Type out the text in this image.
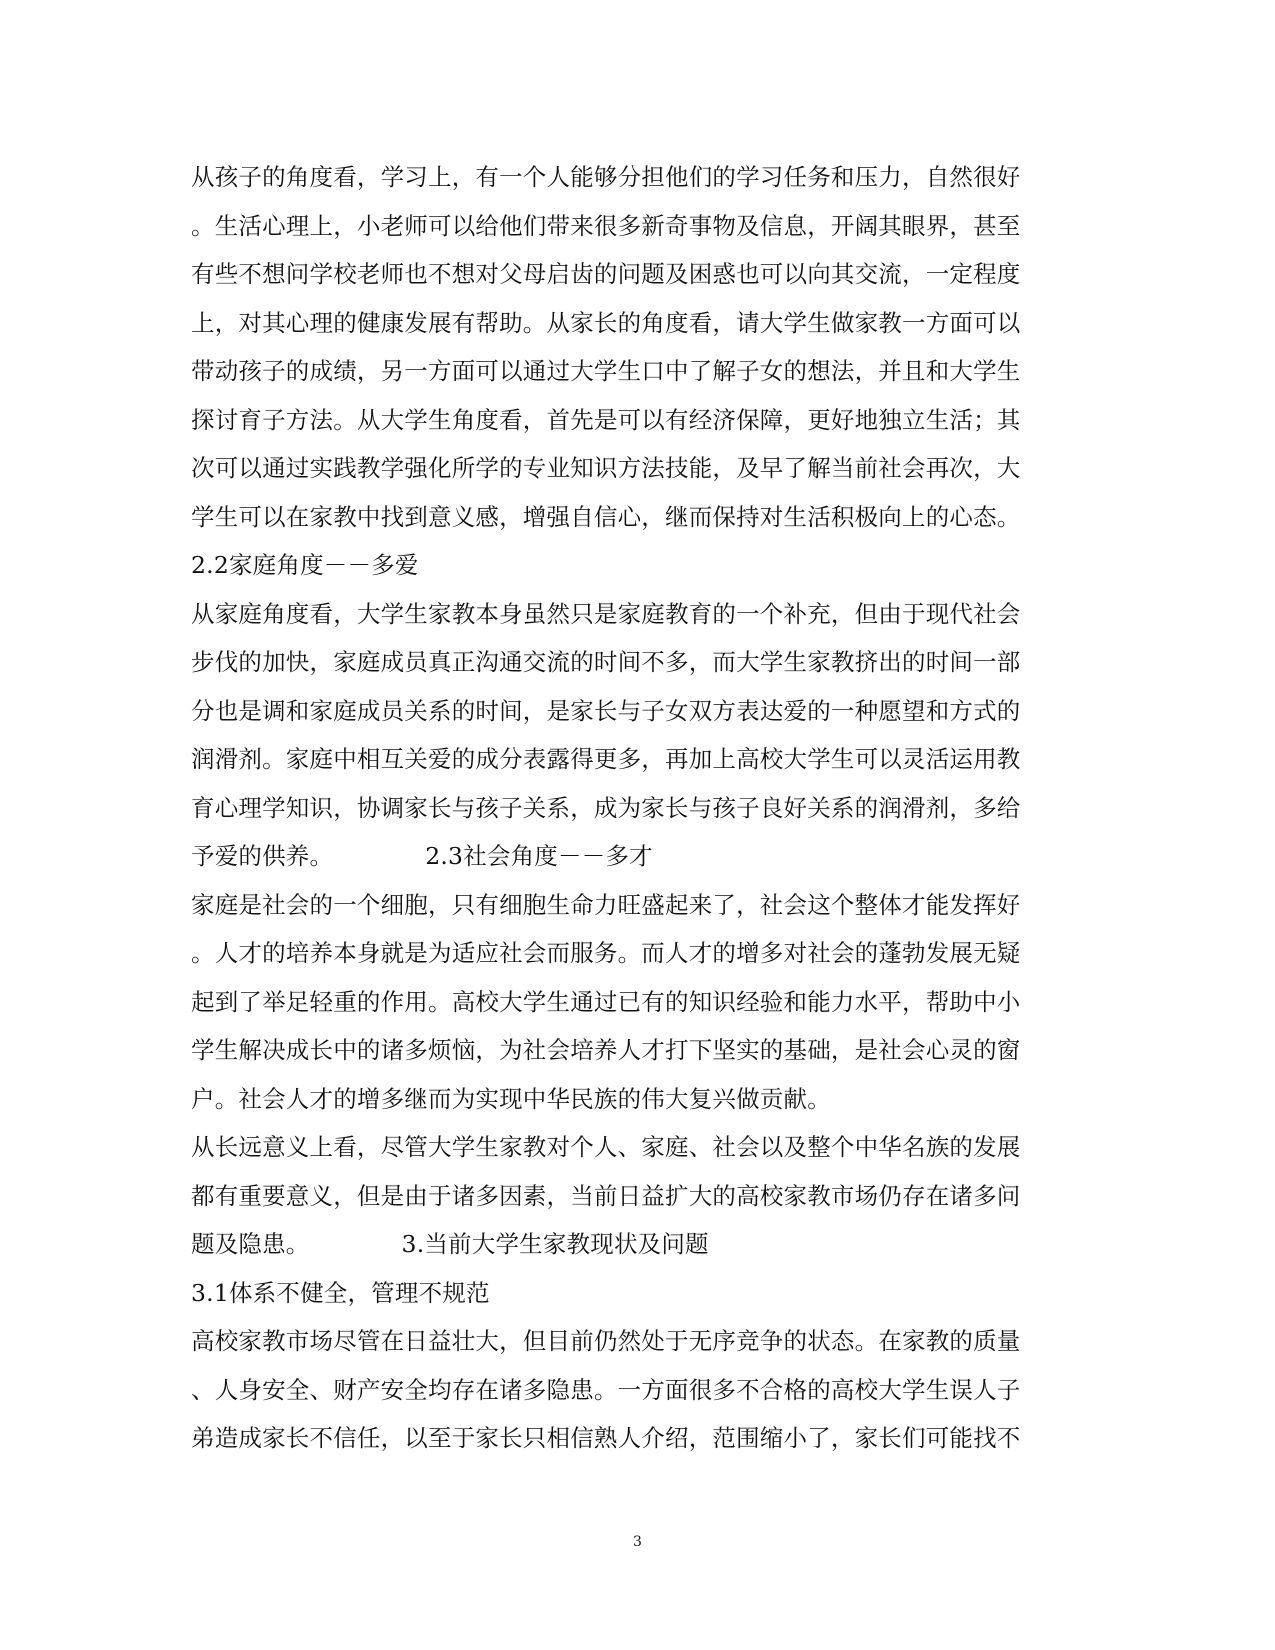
从孩子的角度看，学习上，有一个人能够分担他们的学习任务和压力，自然很好
。生活心理上，小老师可以给他们带来很多新奇事物及信息，开阔其眼界，甚至
有些不想问学校老师也不想对父母启齿的问题及困惑也可以向其交流，一定程度
上，对其心理的健康发展有帮助。从家长的角度看，请大学生做家教一方面可以
带动孩子的成绩，另一方面可以通过大学生口中了解子女的想法，并且和大学生
探讨育子方法。从大学生角度看，首先是可以有经济保障，更好地独立生活；其
次可以通过实践教学强化所学的专业知识方法技能，及早了解当前社会再次，大
学生可以在家教中找到意义感，增强自信心，继而保持对生活积极向上的心态。
2.2家庭角度－－多爱
从家庭角度看，大学生家教本身虽然只是家庭教育的一个补充，但由于现代社会
步伐的加快，家庭成员真正沟通交流的时间不多，而大学生家教挤出的时间一部
分也是调和家庭成员关系的时间，是家长与子女双方表达爱的一种愿望和方式的
润滑剂。家庭中相互关爱的成分表露得更多，再加上高校大学生可以灵活运用教
育心理学知识，协调家长与孩子关系，成为家长与孩子良好关系的润滑剂，多给
予爱的供养。            2.3社会角度－－多才
家庭是社会的一个细胞，只有细胞生命力旺盛起来了，社会这个整体才能发挥好
。人才的培养本身就是为适应社会而服务。而人才的增多对社会的蓬勃发展无疑
起到了举足轻重的作用。高校大学生通过已有的知识经验和能力水平，帮助中小
学生解决成长中的诸多烦恼，为社会培养人才打下坚实的基础，是社会心灵的窗
户。社会人才的增多继而为实现中华民族的伟大复兴做贡献。
从长远意义上看，尽管大学生家教对个人、家庭、社会以及整个中华名族的发展
都有重要意义，但是由于诸多因素，当前日益扩大的高校家教市场仍存在诸多问
题及隐患。            3.当前大学生家教现状及问题
3.1体系不健全，管理不规范
高校家教市场尽管在日益壮大，但目前仍然处于无序竞争的状态。在家教的质量
、人身安全、财产安全均存在诸多隐患。一方面很多不合格的高校大学生误人子
弟造成家长不信任，以至于家长只相信熟人介绍，范围缩小了，家长们可能找不
3
